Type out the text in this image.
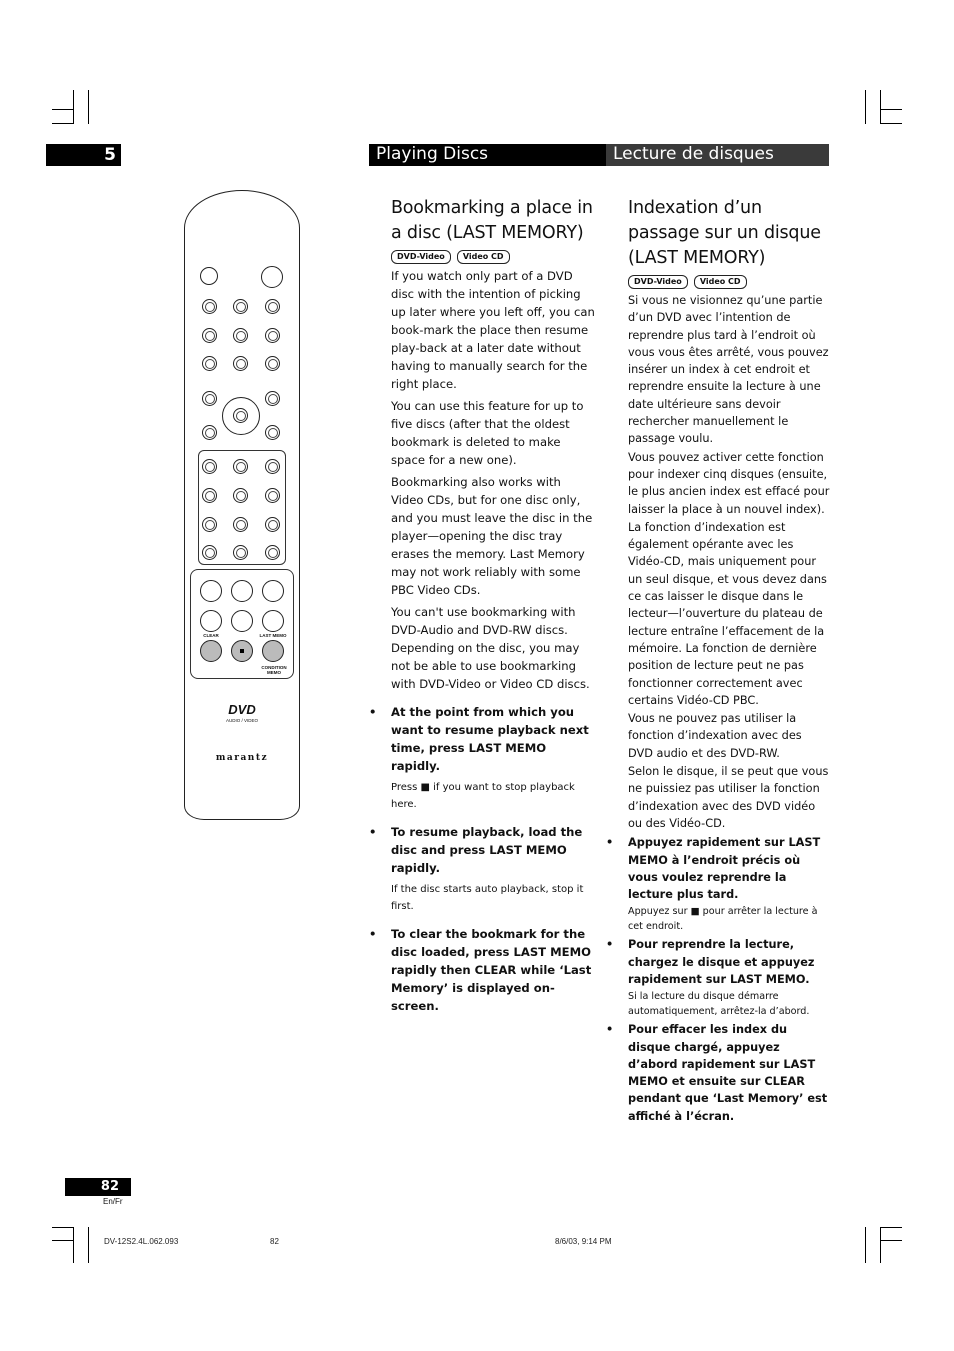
5	Playing Discs	Lecture de disques
CLEAR	LAST MEMO
CONDITION MEMO
DVD
AUDIO / VIDEO
marantz
Bookmarking a place in a disc (LAST MEMORY)
DVD-Video	Video CD

If you watch only part of a DVD disc with the intention of picking up later where you left off, you can book-mark the place then resume play-back at a later date without having to manually search for the right place.

You can use this feature for up to five discs (after that the oldest bookmark is deleted to make space for a new one).

Bookmarking also works with Video CDs, but for one disc only, and you must leave the disc in the player—opening the disc tray erases the memory. Last Memory may not work reliably with some PBC Video CDs.

You can't use bookmarking with DVD-Audio and DVD-RW discs. Depending on the disc, you may not be able to use bookmarking with DVD-Video or Video CD discs.

• At the point from which you want to resume playback next time, press LAST MEMO rapidly.

Press ■ if you want to stop playback here.

• To resume playback, load the disc and press LAST MEMO rapidly.

If the disc starts auto playback, stop it first.

• To clear the bookmark for the disc loaded, press LAST MEMO rapidly then CLEAR while ‘Last Memory’ is displayed on-screen.

Indexation d’un passage sur un disque (LAST MEMORY)
DVD-Video	Video CD

Si vous ne visionnez qu’une partie d’un DVD avec l’intention de reprendre plus tard à l’endroit où vous vous êtes arrêté, vous pouvez insérer un index à cet endroit et reprendre ensuite la lecture à une date ultérieure sans devoir rechercher manuellement le passage voulu.

Vous pouvez activer cette fonction pour indexer cinq disques (ensuite, le plus ancien index est effacé pour laisser la place à un nouvel index).

La fonction d’indexation est également opérante avec les Vidéo-CD, mais uniquement pour un seul disque, et vous devez dans ce cas laisser le disque dans le lecteur—l’ouverture du plateau de lecture entraîne l’effacement de la mémoire. La fonction de dernière position de lecture peut ne pas fonctionner correctement avec certains Vidéo-CD PBC.

Vous ne pouvez pas utiliser la fonction d’indexation avec des DVD audio et des DVD-RW.

Selon le disque, il se peut que vous ne puissiez pas utiliser la fonction d’indexation avec des DVD vidéo ou des Vidéo-CD.

• Appuyez rapidement sur LAST MEMO à l’endroit précis où vous voulez reprendre la lecture plus tard.

Appuyez sur ■ pour arrêter la lecture à cet endroit.

• Pour reprendre la lecture, chargez le disque et appuyez rapidement sur LAST MEMO.

Si la lecture du disque démarre automatiquement, arrêtez-la d’abord.

• Pour effacer les index du disque chargé, appuyez d’abord rapidement sur LAST MEMO et ensuite sur CLEAR pendant que ‘Last Memory’ est affiché à l’écran.

82
En/Fr
DV-12S2.4L.062.093	82	8/6/03, 9:14 PM
